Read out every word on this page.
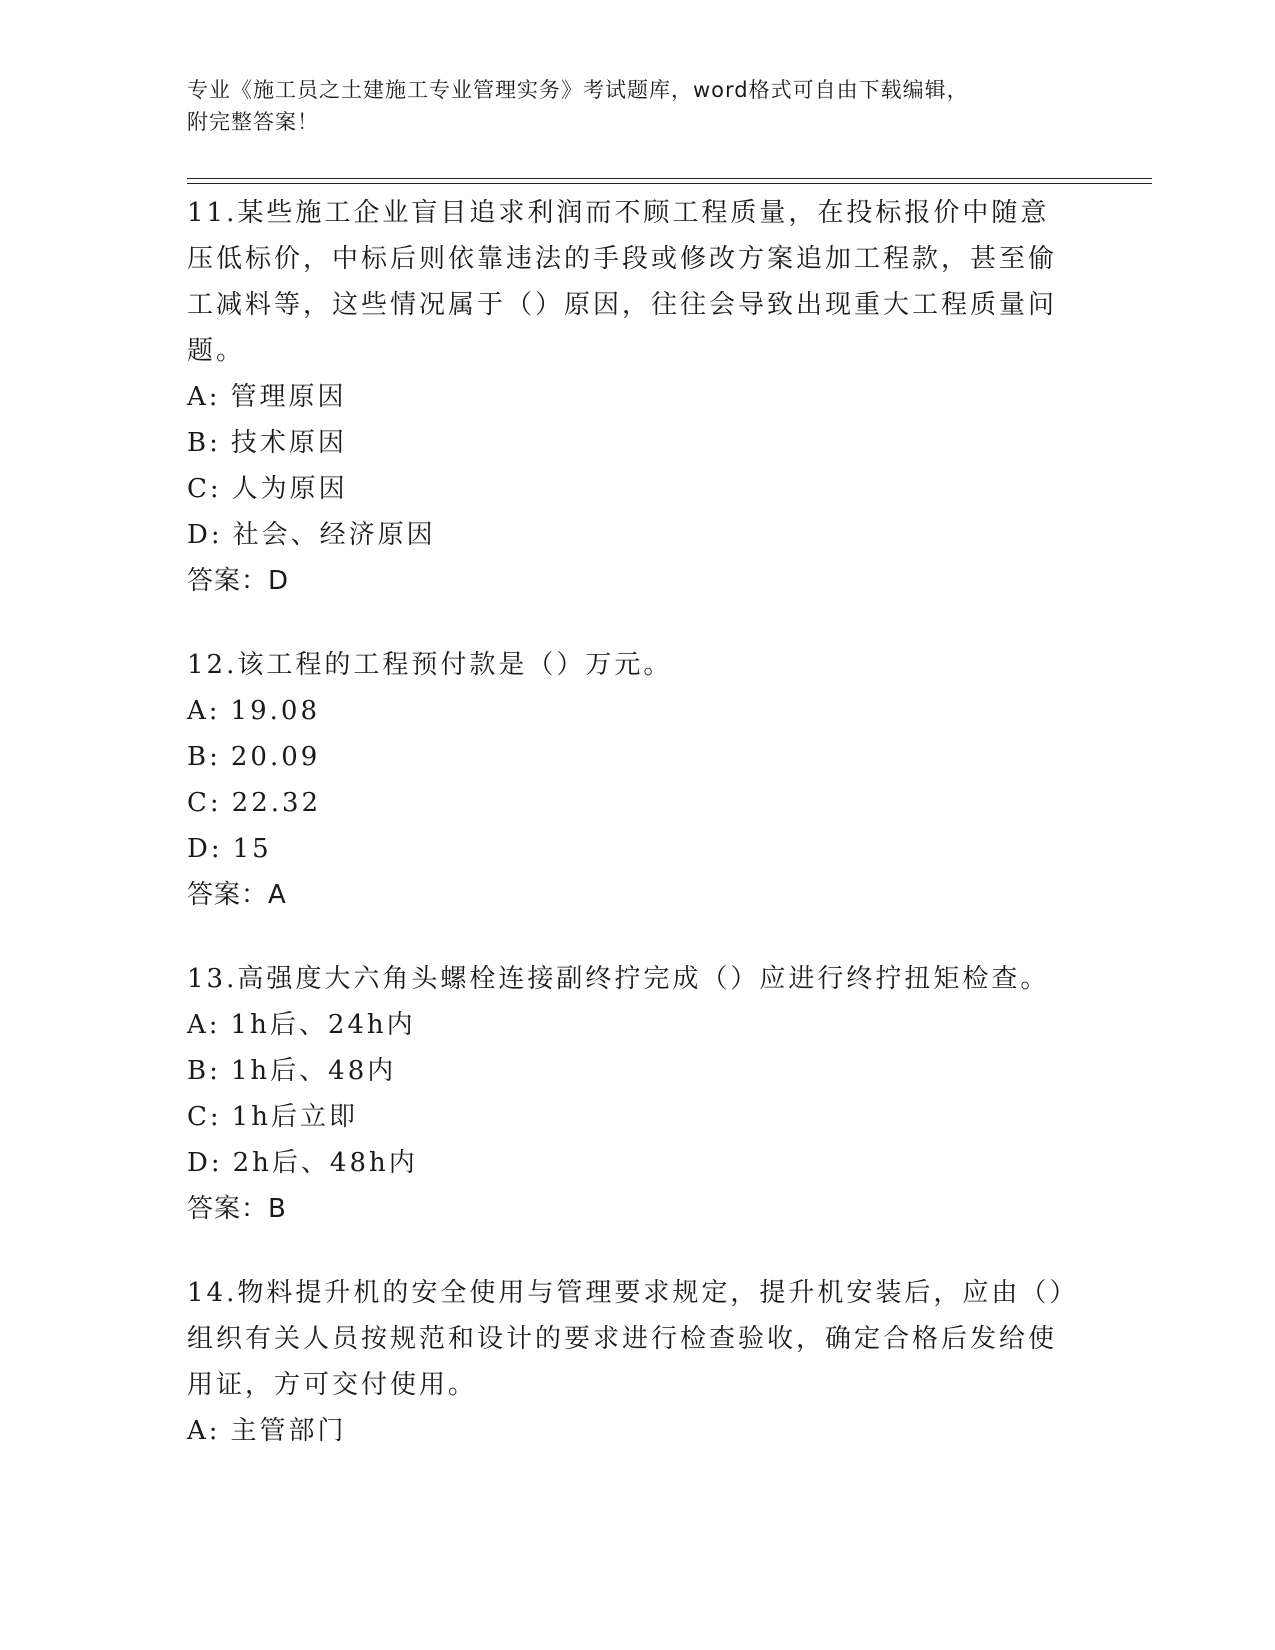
专业《施工员之土建施工专业管理实务》考试题库，word格式可自由下载编辑，
附完整答案！
11.某些施工企业盲目追求利润而不顾工程质量，在投标报价中随意压低标价，中标后则依靠违法的手段或修改方案追加工程款，甚至偷工减料等，这些情况属于（）原因，往往会导致出现重大工程质量问题。
A: 管理原因
B: 技术原因
C: 人为原因
D: 社会、经济原因
答案：D
12.该工程的工程预付款是（）万元。
A: 19.08
B: 20.09
C: 22.32
D: 15
答案：A
13.高强度大六角头螺栓连接副终拧完成（）应进行终拧扭矩检查。
A: 1h后、24h内
B: 1h后、48内
C: 1h后立即
D: 2h后、48h内
答案：B
14.物料提升机的安全使用与管理要求规定，提升机安装后，应由（）组织有关人员按规范和设计的要求进行检查验收，确定合格后发给使用证，方可交付使用。
A: 主管部门
